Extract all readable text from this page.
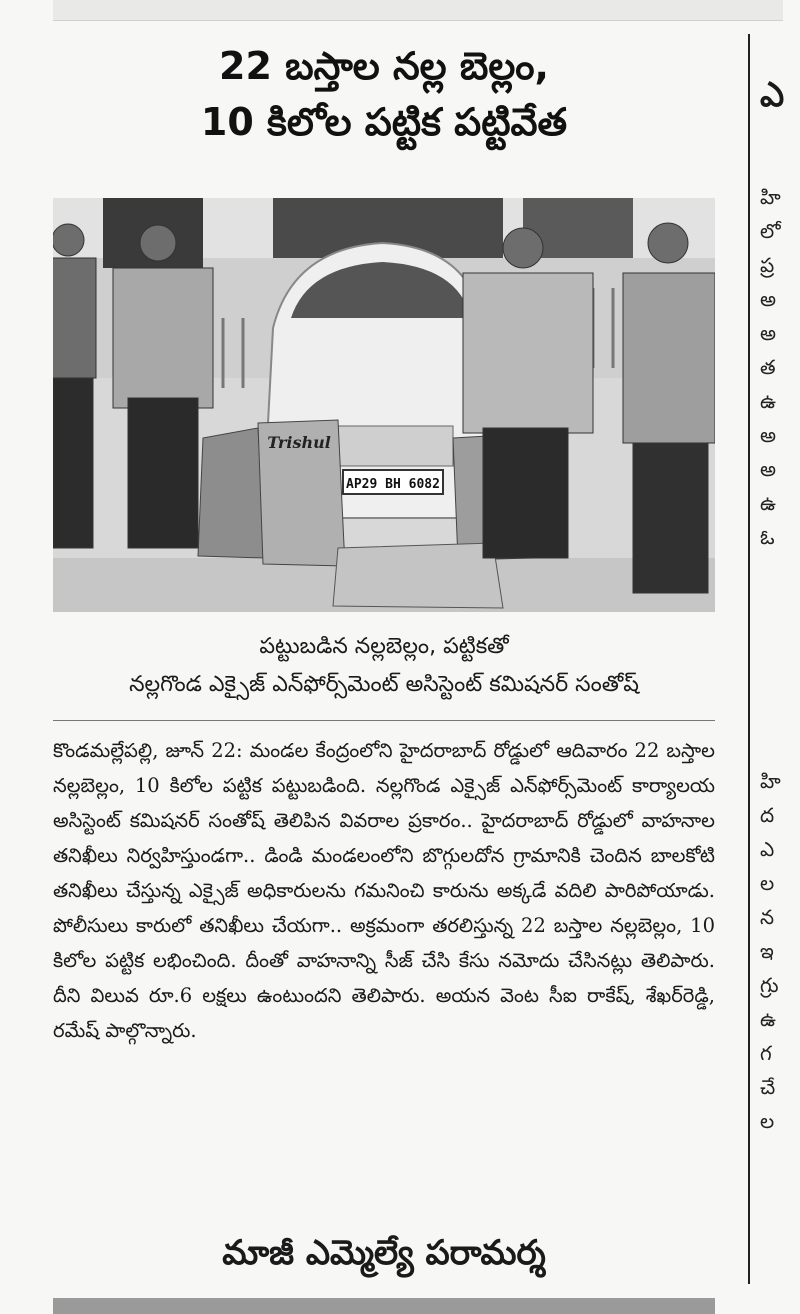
22 బస్తాల నల్ల బెల్లం,
10 కిలోల పట్టిక పట్టివేత
AP29 BH 6082
Trishul
పట్టుబడిన నల్లబెల్లం, పట్టికతో
నల్లగొండ ఎక్సైజ్ ఎన్‌ఫోర్స్‌మెంట్ అసిస్టెంట్ కమిషనర్ సంతోష్
కొండమల్లేపల్లి, జూన్ 22: మండల కేంద్రంలోని హైదరాబాద్ రోడ్డులో ఆదివారం 22 బస్తాల నల్లబెల్లం, 10 కిలోల పట్టిక పట్టుబడింది. నల్లగొండ ఎక్సైజ్ ఎన్‌ఫోర్స్‌మెంట్ కార్యాలయ అసిస్టెంట్ కమిషనర్ సంతోష్ తెలిపిన వివరాల ప్రకారం.. హైదరాబాద్ రోడ్డులో వాహనాల తనిఖీలు నిర్వహిస్తుండగా.. డిండి మండలంలోని బొగ్గులదోన గ్రామానికి చెందిన బాలకోటి తనిఖీలు చేస్తున్న ఎక్సైజ్ అధికారులను గమనించి కారును అక్కడే వదిలి పారిపోయాడు. పోలీసులు కారులో తనిఖీలు చేయగా.. అక్రమంగా తరలిస్తున్న 22 బస్తాల నల్లబెల్లం, 10 కిలోల పట్టిక లభించింది. దీంతో వాహనాన్ని సీజ్ చేసి కేసు నమోదు చేసినట్లు తెలిపారు. దీని విలువ రూ.6 లక్షలు ఉంటుందని తెలిపారు. అయన వెంట సీఐ రాకేష్, శేఖర్‌రెడ్డి, రమేష్ పాల్గొన్నారు.
మాజీ ఎమ్మెల్యే పరామర్శ
ఎ
హి
లో
ప్ర
అ
అ
త
ఉ
అ
అ
ఉ
ఓ
హి
ద
ఎ
ల
న
ఇ
గ్రు
ఉ
గ
చే
ల
